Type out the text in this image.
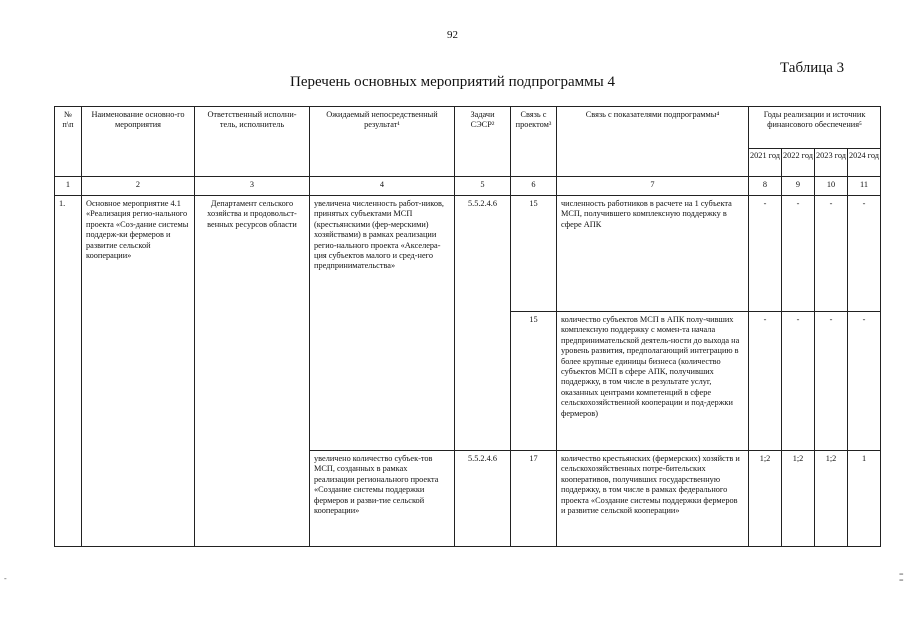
92
Таблица 3
Перечень основных мероприятий подпрограммы 4
№ п\п	Наименование основно-го мероприятия	Ответственный исполни-тель, исполнитель	Ожидаемый непосредственный результат¹	Задачи СЭСР²	Связь с проектом³	Связь с показателями подпрограммы⁴	Годы реализации и источник финансового обеспечения⁵			
							2021 год	2022 год	2023 год	2024 год
1	2	3	4	5	6	7	8	9	10	11
1.	Основное мероприятие 4.1 «Реализация регио-нального проекта «Соз-дание системы поддерж-ки фермеров и развитие сельской кооперации»	Департамент сельского хозяйства и продовольст-венных ресурсов области	увеличена численность работ-ников, принятых субъектами МСП (крестьянскими (фер-мерскими) хозяйствами) в рамках реализации регио-нального проекта «Акселера-ция субъектов малого и сред-него предпринимательства»	5.5.2.4.6	15	численность работников в расчете на 1 субъекта МСП, получившего комплексную поддержку в сфере АПК	-	-	-	-
					15	количество субъектов МСП в АПК полу-чивших комплексную поддержку с момен-та начала предпринимательской деятель-ности до выхода на уровень развития, предполагающий интеграцию в более крупные единицы бизнеса (количество субъектов МСП в сфере АПК, получивших поддержку, в том числе в результате услуг, оказанных центрами компетенций в сфере сельскохозяйственной кооперации и под-держки фермеров)	-	-	-	-
			увеличено количество субъек-тов МСП, созданных в рамках реализации регионального проекта «Создание системы поддержки фермеров и разви-тие сельской кооперации»	5.5.2.4.6	17	количество крестьянских (фермерских) хозяйств и сельскохозяйственных потре-бительских кооперативов, получивших государственную поддержку, в том числе в рамках федерального проекта «Создание системы поддержки фермеров и развитие сельской кооперации»	1;2	1;2	1;2	1
-	= =
